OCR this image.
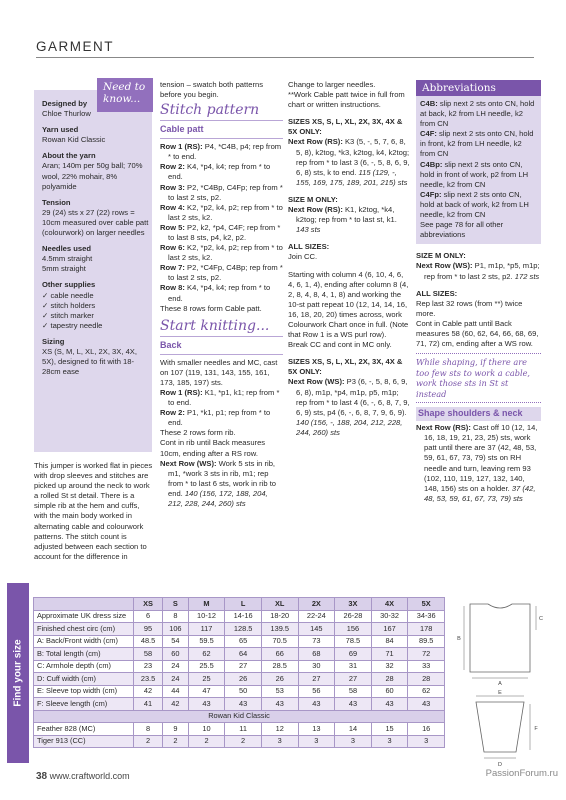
GARMENT
Need to know...
Designed by
Chloe Thurlow
Yarn used
Rowan Kid Classic
About the yarn
Aran; 140m per 50g ball; 70% wool, 22% mohair, 8% polyamide
Tension
29 (24) sts x 27 (22) rows = 10cm measured over cable patt (colourwork) on larger needles
Needles used
4.5mm straight
5mm straight
Other supplies
✓ cable needle
✓ stitch holders
✓ stitch marker
✓ tapestry needle
Sizing
XS (S, M, L, XL, 2X, 3X, 4X, 5X), designed to fit with 18-28cm ease
This jumper is worked flat in pieces with drop sleeves and stitches are picked up around the neck to work a rolled St st detail. There is a simple rib at the hem and cuffs, with the main body worked in alternating cable and colourwork patterns. The stitch count is adjusted between each section to account for the difference in
tension – swatch both patterns before you begin.
Stitch pattern
Cable patt
Row 1 (RS): P4, *C4B, p4; rep from * to end.
Row 2: K4, *p4, k4; rep from * to end.
Row 3: P2, *C4Bp, C4Fp; rep from * to last 2 sts, p2.
Row 4: K2, *p2, k4, p2; rep from * to last 2 sts, k2.
Row 5: P2, k2, *p4, C4F; rep from * to last 8 sts, p4, k2, p2.
Row 6: K2, *p2, k4, p2; rep from * to last 2 sts, k2.
Row 7: P2, *C4Fp, C4Bp; rep from * to last 2 sts, p2.
Row 8: K4, *p4, k4; rep from * to end.
These 8 rows form Cable patt.
Start knitting...
Back
With smaller needles and MC, cast on 107 (119, 131, 143, 155, 161, 173, 185, 197) sts.
Row 1 (RS): K1, *p1, k1; rep from * to end.
Row 2: P1, *k1, p1; rep from * to end.
These 2 rows form rib.
Cont in rib until Back measures 10cm, ending after a RS row.
Next Row (WS): Work 5 sts in rib, m1, *work 3 sts in rib, m1; rep from * to last 6 sts, work in rib to end. 140 (156, 172, 188, 204, 212, 228, 244, 260) sts
Change to larger needles.
**Work Cable patt twice in full from chart or written instructions.
SIZES XS, S, L, XL, 2X, 3X, 4X & 5X ONLY:
Next Row (RS): K3 (5, -, 5, 7, 6, 8, 5, 8), k2tog, *k3, k2tog, k4, k2tog; rep from * to last 3 (6, -, 5, 8, 6, 9, 6, 8) sts, k to end. 115 (129, -, 155, 169, 175, 189, 201, 215) sts
SIZE M ONLY:
Next Row (RS): K1, k2tog, *k4, k2tog; rep from * to last st, k1. 143 sts
ALL SIZES:
Join CC.
Starting with column 4 (6, 10, 4, 6, 4, 6, 1, 4), ending after column 8 (4, 2, 8, 4, 8, 4, 1, 8) and working the 10-st patt repeat 10 (12, 14, 14, 16, 16, 18, 20, 20) times across, work Colourwork Chart once in full. (Note that Row 1 is a WS purl row).
Break CC and cont in MC only.
SIZES XS, S, L, XL, 2X, 3X, 4X & 5X ONLY:
Next Row (WS): P3 (6, -, 5, 8, 6, 9, 6, 8), m1p, *p4, m1p, p5, m1p; rep from * to last 4 (6, -, 6, 8, 7, 9, 6, 9) sts, p4 (6, -, 6, 8, 7, 9, 6, 9). 140 (156, -, 188, 204, 212, 228, 244, 260) sts
Abbreviations
C4B: slip next 2 sts onto CN, hold at back, k2 from LH needle, k2 from CN
C4F: slip next 2 sts onto CN, hold in front, k2 from LH needle, k2 from CN
C4Bp: slip next 2 sts onto CN, hold in front of work, p2 from LH needle, k2 from CN
C4Fp: slip next 2 sts onto CN, hold at back of work, k2 from LH needle, k2 from CN
See page 78 for all other abbreviations
SIZE M ONLY:
Next Row (WS): P1, m1p, *p5, m1p; rep from * to last 2 sts, p2. 172 sts
ALL SIZES:
Rep last 32 rows (from **) twice more.
Cont in Cable patt until Back measures 58 (60, 62, 64, 66, 68, 69, 71, 72) cm, ending after a WS row.
While shaping, if there are too few sts to work a cable, work those sts in St st instead
Shape shoulders & neck
Next Row (RS): Cast off 10 (12, 14, 16, 18, 19, 21, 23, 25) sts, work patt until there are 37 (42, 48, 53, 59, 61, 67, 73, 79) sts on RH needle and turn, leaving rem 93 (102, 110, 119, 127, 132, 140, 148, 156) sts on a holder. 37 (42, 48, 53, 59, 61, 67, 73, 79) sts
Find your size
	XS	S	M	L	XL	2X	3X	4X	5X
Approximate UK dress size	6	8	10-12	14-16	18-20	22-24	26-28	30-32	34-36
Finished chest circ (cm)	95	106	117	128.5	139.5	145	156	167	178
A: Back/Front width (cm)	48.5	54	59.5	65	70.5	73	78.5	84	89.5
B: Total length (cm)	58	60	62	64	66	68	69	71	72
C: Armhole depth (cm)	23	24	25.5	27	28.5	30	31	32	33
D: Cuff width (cm)	23.5	24	25	26	26	27	27	28	28
E: Sleeve top width (cm)	42	44	47	50	53	56	58	60	62
F: Sleeve length (cm)	41	42	43	43	43	43	43	43	43
Rowan Kid Classic									
Feather 828 (MC)	8	9	10	11	12	13	14	15	16
Tiger 913 (CC)	2	2	2	2	3	3	3	3	3
B
C
A
E
F
D
38 www.craftworld.com	PassionForum.ru
